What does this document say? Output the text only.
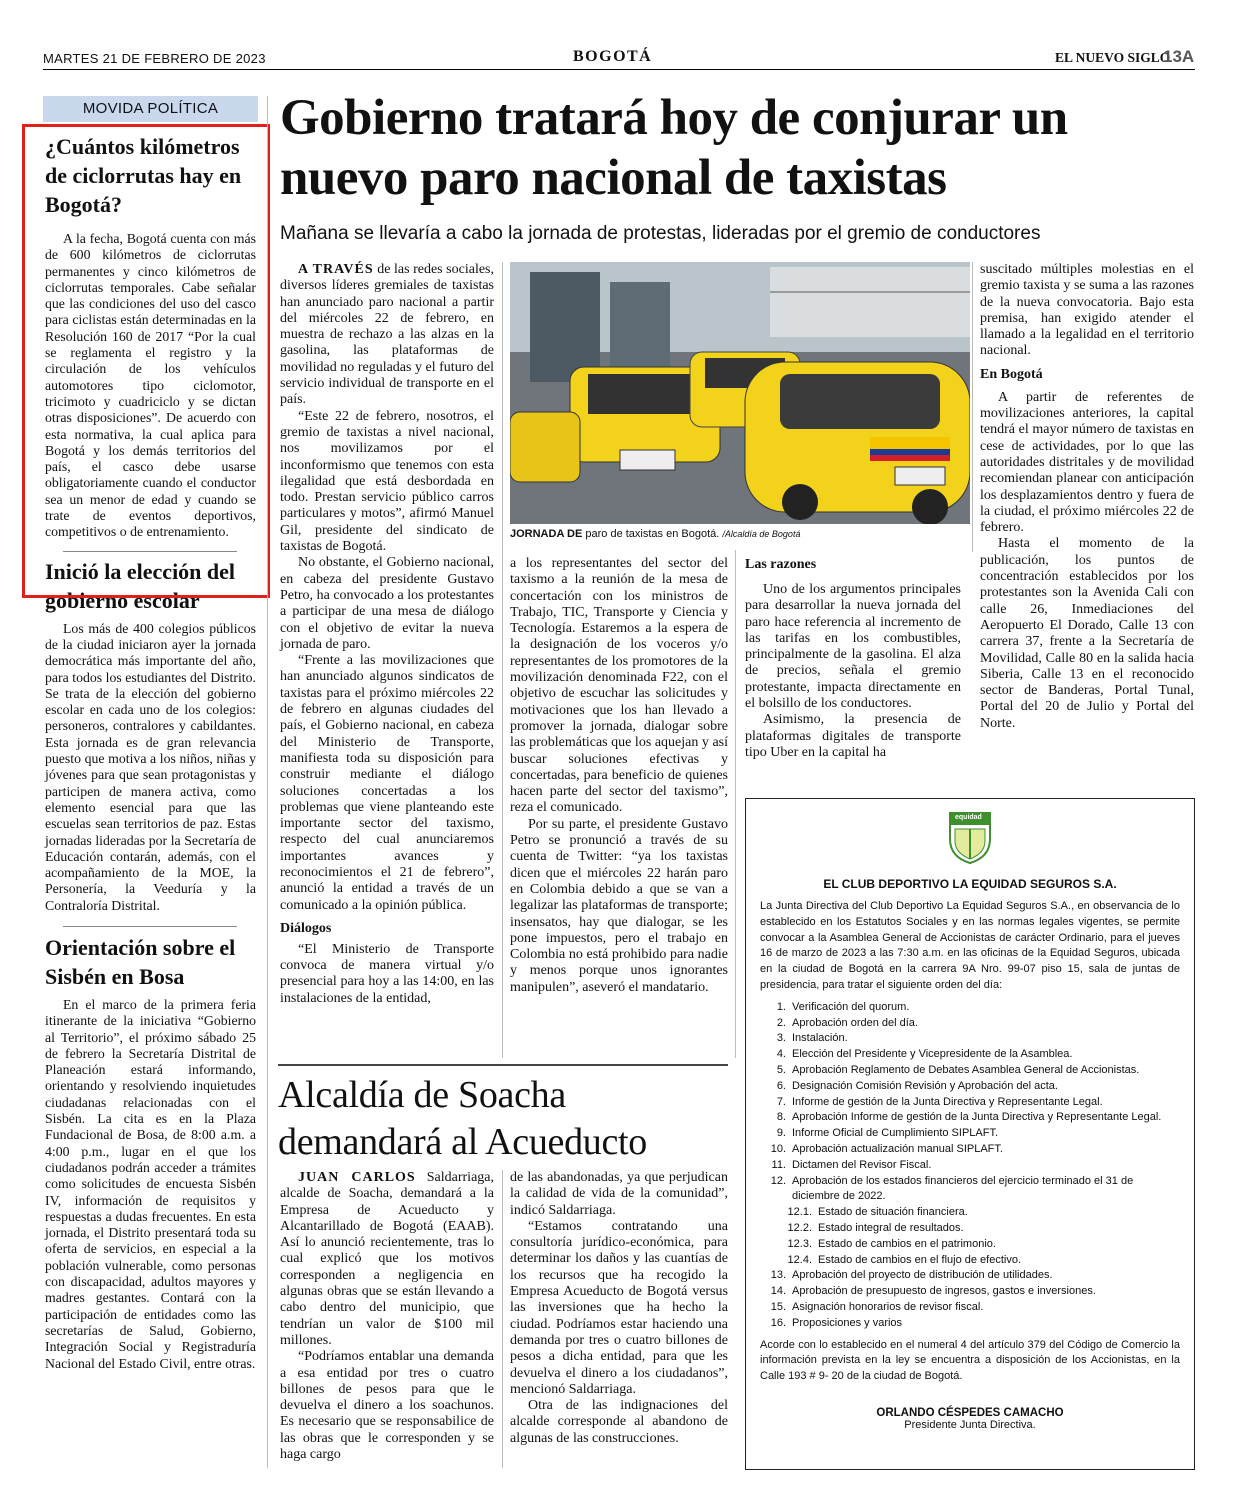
MARTES 21 DE FEBRERO DE 2023	BOGOTÁ	EL NUEVO SIGLO
13A
MOVIDA POLÍTICA
¿Cuántos kilómetros de ciclorrutas hay en Bogotá?

A la fecha, Bogotá cuenta con más de 600 kilómetros de ciclorrutas permanentes y cinco kilómetros de ciclorrutas temporales. Cabe señalar que las condiciones del uso del casco para ciclistas están determinadas en la Resolución 160 de 2017 “Por la cual se reglamenta el registro y la circulación de los vehículos automotores tipo ciclomotor, tricimoto y cuadriciclo y se dictan otras disposiciones”. De acuerdo con esta normativa, la cual aplica para Bogotá y los demás territorios del país, el casco debe usarse obligatoriamente cuando el conductor sea un menor de edad y cuando se trate de eventos deportivos, competitivos o de entrenamiento.

Inició la elección del gobierno escolar

Los más de 400 colegios públicos de la ciudad iniciaron ayer la jornada democrática más importante del año, para todos los estudiantes del Distrito. Se trata de la elección del gobierno escolar en cada uno de los colegios: personeros, contralores y cabildantes. Esta jornada es de gran relevancia puesto que motiva a los niños, niñas y jóvenes para que sean protagonistas y participen de manera activa, como elemento esencial para que las escuelas sean territorios de paz. Estas jornadas lideradas por la Secretaría de Educación contarán, además, con el acompañamiento de la MOE, la Personería, la Veeduría y la Contraloría Distrital.

Orientación sobre el Sisbén en Bosa

En el marco de la primera feria itinerante de la iniciativa “Gobierno al Territorio”, el próximo sábado 25 de febrero la Secretaría Distrital de Planeación estará informando, orientando y resolviendo inquietudes ciudadanas relacionadas con el Sisbén. La cita es en la Plaza Fundacional de Bosa, de 8:00 a.m. a 4:00 p.m., lugar en el que los ciudadanos podrán acceder a trámites como solicitudes de encuesta Sisbén IV, información de requisitos y respuestas a dudas frecuentes. En esta jornada, el Distrito presentará toda su oferta de servicios, en especial a la población vulnerable, como personas con discapacidad, adultos mayores y madres gestantes. Contará con la participación de entidades como las secretarías de Salud, Gobierno, Integración Social y Registraduría Nacional del Estado Civil, entre otras.

Gobierno tratará hoy de conjurar un nuevo paro nacional de taxistas
Mañana se llevaría a cabo la jornada de protestas, lideradas por el gremio de conductores

A TRAVÉS de las redes sociales, diversos líderes gremiales de taxistas han anunciado paro nacional a partir del miércoles 22 de febrero, en muestra de rechazo a las alzas en la gasolina, las plataformas de movilidad no reguladas y el futuro del servicio individual de transporte en el país.

“Este 22 de febrero, nosotros, el gremio de taxistas a nivel nacional, nos movilizamos por el inconformismo que tenemos con esta ilegalidad que está desbordada en todo. Prestan servicio público carros particulares y motos”, afirmó Manuel Gil, presidente del sindicato de taxistas de Bogotá.

No obstante, el Gobierno nacional, en cabeza del presidente Gustavo Petro, ha convocado a los protestantes a participar de una mesa de diálogo con el objetivo de evitar la nueva jornada de paro.

“Frente a las movilizaciones que han anunciado algunos sindicatos de taxistas para el próximo miércoles 22 de febrero en algunas ciudades del país, el Gobierno nacional, en cabeza del Ministerio de Transporte, manifiesta toda su disposición para construir mediante el diálogo soluciones concertadas a los problemas que viene planteando este importante sector del taxismo, respecto del cual anunciaremos importantes avances y reconocimientos el 21 de febrero”, anunció la entidad a través de un comunicado a la opinión pública.

Diálogos

“El Ministerio de Transporte convoca de manera virtual y/o presencial para hoy a las 14:00, en las instalaciones de la entidad,

JORNADA DE paro de taxistas en Bogotá. /Alcaldía de Bogotá

a los representantes del sector del taxismo a la reunión de la mesa de concertación con los ministros de Trabajo, TIC, Transporte y Ciencia y Tecnología. Estaremos a la espera de la designación de los voceros y/o representantes de los promotores de la movilización denominada F22, con el objetivo de escuchar las solicitudes y motivaciones que los han llevado a promover la jornada, dialogar sobre las problemáticas que los aquejan y así buscar soluciones efectivas y concertadas, para beneficio de quienes hacen parte del sector del taxismo”, reza el comunicado.

Por su parte, el presidente Gustavo Petro se pronunció a través de su cuenta de Twitter: “ya los taxistas dicen que el miércoles 22 harán paro en Colombia debido a que se van a legalizar las plataformas de transporte; insensatos, hay que dialogar, se les pone impuestos, pero el trabajo en Colombia no está prohibido para nadie y menos porque unos ignorantes manipulen”, aseveró el mandatario.

Las razones

Uno de los argumentos principales para desarrollar la nueva jornada del paro hace referencia al incremento de las tarifas en los combustibles, principalmente de la gasolina. El alza de precios, señala el gremio protestante, impacta directamente en el bolsillo de los conductores.

Asimismo, la presencia de plataformas digitales de transporte tipo Uber en la capital ha

suscitado múltiples molestias en el gremio taxista y se suma a las razones de la nueva convocatoria. Bajo esta premisa, han exigido atender el llamado a la legalidad en el territorio nacional.

En Bogotá

A partir de referentes de movilizaciones anteriores, la capital tendrá el mayor número de taxistas en cese de actividades, por lo que las autoridades distritales y de movilidad recomiendan planear con anticipación los desplazamientos dentro y fuera de la ciudad, el próximo miércoles 22 de febrero.

Hasta el momento de la publicación, los puntos de concentración establecidos por los protestantes son la Avenida Cali con calle 26, Inmediaciones del Aeropuerto El Dorado, Calle 13 con carrera 37, frente a la Secretaría de Movilidad, Calle 80 en la salida hacia Siberia, Calle 13 en el reconocido sector de Banderas, Portal Tunal, Portal del 20 de Julio y Portal del Norte.

Alcaldía de Soacha demandará al Acueducto

JUAN CARLOS Saldarriaga, alcalde de Soacha, demandará a la Empresa de Acueducto y Alcantarillado de Bogotá (EAAB). Así lo anunció recientemente, tras lo cual explicó que los motivos corresponden a negligencia en algunas obras que se están llevando a cabo dentro del municipio, que tendrían un valor de $100 mil millones.

“Podríamos entablar una demanda a esa entidad por tres o cuatro billones de pesos para que le devuelva el dinero a los soachunos. Es necesario que se responsabilice de las obras que le corresponden y se haga cargo

de las abandonadas, ya que perjudican la calidad de vida de la comunidad”, indicó Saldarriaga.

“Estamos contratando una consultoría jurídico-económica, para determinar los daños y las cuantías de los recursos que ha recogido la Empresa Acueducto de Bogotá versus las inversiones que ha hecho la ciudad. Podríamos estar haciendo una demanda por tres o cuatro billones de pesos a dicha entidad, para que les devuelva el dinero a los ciudadanos”, mencionó Saldarriaga.

Otra de las indignaciones del alcalde corresponde al abandono de algunas de las construcciones.

equidad
EL CLUB DEPORTIVO LA EQUIDAD SEGUROS S.A.
La Junta Directiva del Club Deportivo La Equidad Seguros S.A., en observancia de lo establecido en los Estatutos Sociales y en las normas legales vigentes, se permite convocar a la Asamblea General de Accionistas de carácter Ordinario, para el jueves 16 de marzo de 2023 a las 7:30 a.m. en las oficinas de la Equidad Seguros, ubicada en la ciudad de Bogotá en la carrera 9A Nro. 99-07 piso 15, sala de juntas de presidencia, para tratar el siguiente orden del día:
1. Verificación del quorum.
2. Aprobación orden del día.
3. Instalación.
4. Elección del Presidente y Vicepresidente de la Asamblea.
5. Aprobación Reglamento de Debates Asamblea General de Accionistas.
6. Designación Comisión Revisión y Aprobación del acta.
7. Informe de gestión de la Junta Directiva y Representante Legal.
8. Aprobación Informe de gestión de la Junta Directiva y Representante Legal.
9. Informe Oficial de Cumplimiento SIPLAFT.
10. Aprobación actualización manual SIPLAFT.
11. Dictamen del Revisor Fiscal.
12. Aprobación de los estados financieros del ejercicio terminado el 31 de diciembre de 2022.
12.1. Estado de situación financiera.
12.2. Estado integral de resultados.
12.3. Estado de cambios en el patrimonio.
12.4. Estado de cambios en el flujo de efectivo.
13. Aprobación del proyecto de distribución de utilidades.
14. Aprobación de presupuesto de ingresos, gastos e inversiones.
15. Asignación honorarios de revisor fiscal.
16. Proposiciones y varios
Acorde con lo establecido en el numeral 4 del artículo 379 del Código de Comercio la información prevista en la ley se encuentra a disposición de los Accionistas, en la Calle 193 # 9- 20 de la ciudad de Bogotá.
ORLANDO CÉSPEDES CAMACHO
Presidente Junta Directiva.
